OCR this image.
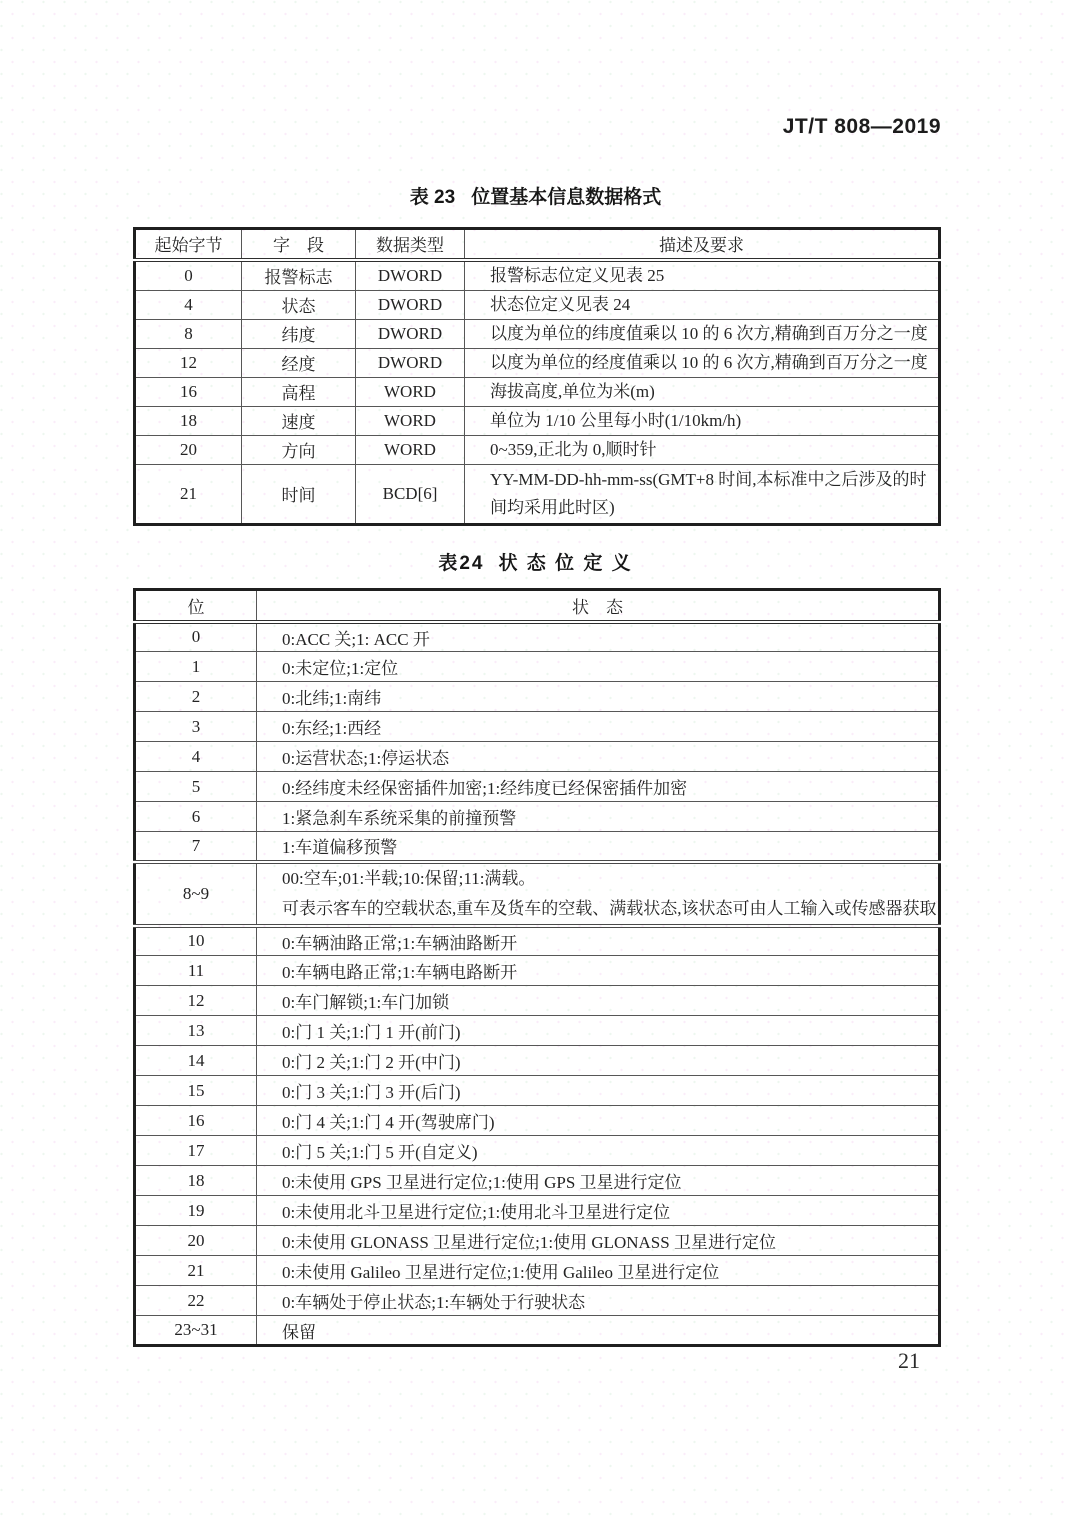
JT/T 808—2019
表 23 位置基本信息数据格式
起始字节	字　段	数据类型	描述及要求
0	报警标志	DWORD	报警标志位定义见表 25
4	状态	DWORD	状态位定义见表 24
8	纬度	DWORD	以度为单位的纬度值乘以 10 的 6 次方,精确到百万分之一度
12	经度	DWORD	以度为单位的经度值乘以 10 的 6 次方,精确到百万分之一度
16	高程	WORD	海拔高度,单位为米(m)
18	速度	WORD	单位为 1/10 公里每小时(1/10km/h)
20	方向	WORD	0~359,正北为 0,顺时针
21	时间	BCD[6]	YY-MM-DD-hh-mm-ss(GMT+8 时间,本标准中之后涉及的时间均采用此时区)
表24 状 态 位 定 义
位	状　态
0	0:ACC 关;1: ACC 开
1	0:未定位;1:定位
2	0:北纬;1:南纬
3	0:东经;1:西经
4	0:运营状态;1:停运状态
5	0:经纬度未经保密插件加密;1:经纬度已经保密插件加密
6	1:紧急刹车系统采集的前撞预警
7	1:车道偏移预警
8~9	00:空车;01:半载;10:保留;11:满载。
可表示客车的空载状态,重车及货车的空载、满载状态,该状态可由人工输入或传感器获取

10	0:车辆油路正常;1:车辆油路断开
11	0:车辆电路正常;1:车辆电路断开
12	0:车门解锁;1:车门加锁
13	0:门 1 关;1:门 1 开(前门)
14	0:门 2 关;1:门 2 开(中门)
15	0:门 3 关;1:门 3 开(后门)
16	0:门 4 关;1:门 4 开(驾驶席门)
17	0:门 5 关;1:门 5 开(自定义)
18	0:未使用 GPS 卫星进行定位;1:使用 GPS 卫星进行定位
19	0:未使用北斗卫星进行定位;1:使用北斗卫星进行定位
20	0:未使用 GLONASS 卫星进行定位;1:使用 GLONASS 卫星进行定位
21	0:未使用 Galileo 卫星进行定位;1:使用 Galileo 卫星进行定位
22	0:车辆处于停止状态;1:车辆处于行驶状态
23~31	保留
21
